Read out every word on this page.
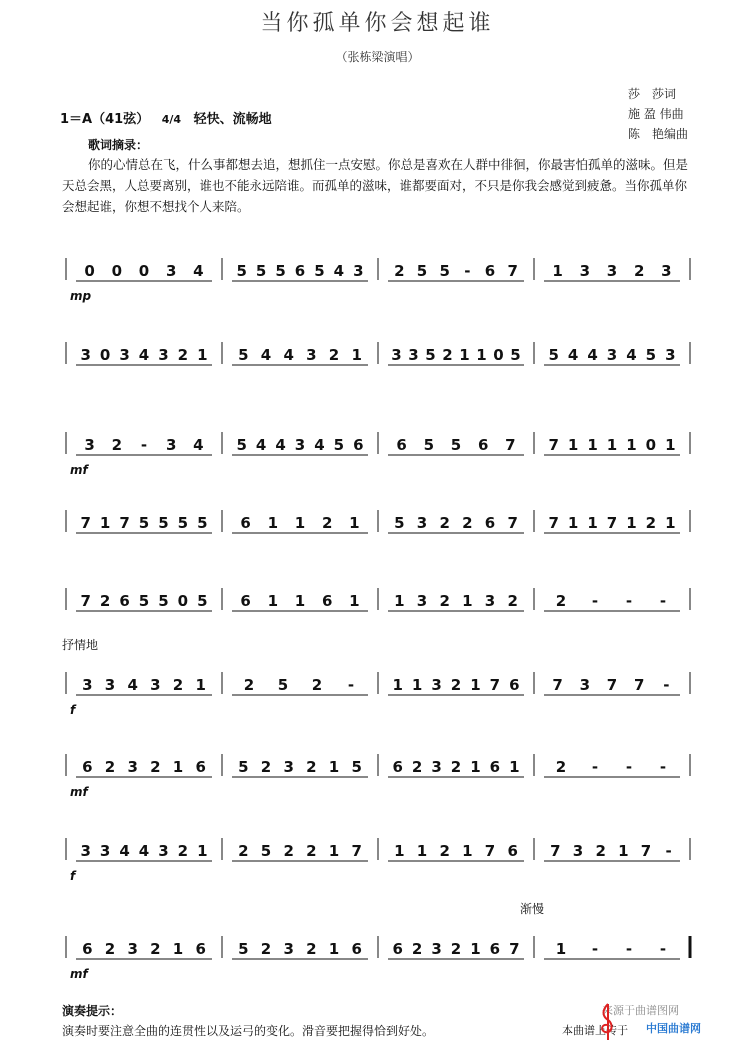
当你孤单你会想起谁
（张栋梁演唱）
莎　莎词
施 盈 伟曲
陈　艳编曲
1＝A（41弦） 4/4 轻快、流畅地
歌词摘录：
你的心情总在飞，什么事都想去追，想抓住一点安慰。你总是喜欢在人群中徘徊，你最害怕孤单的滋味。但是天总会黑，人总要离别，谁也不能永远陪谁。而孤单的滋味，谁都要面对，不只是你我会感觉到疲惫。当你孤单你会想起谁，你想不想找个人来陪。
抒情地
渐慢
0 0 0 3 4 5 5 5 6 5 4 3 2 5 5 - 6 7 1 3 3 2 3
mp
3 0 3 4 3 2 1 5 4 4 3 2 1 3 3 5 2 1 1 0 5 5 4 4 3 4 5 3
3 2 - 3 4 5 4 4 3 4 5 6 6 5 5 6 7 7 1 1 1 1 0 1
mf
7 1 7 5 5 5 5 6 1 1 2 1 5 3 2 2 6 7 7 1 1 7 1 2 1
7 2 6 5 5 0 5 6 1 1 6 1 1 3 2 1 3 2	2 - - -
3 3 4 3 2 1	2 5 2 -	1 1 3 2 1 7 6 7 3 7 7 -
f
6 2 3 2 1 6 5 2 3 2 1 5 6 2 3 2 1 6 1 2 - - -
mf
3 3 4 4 3 2 1 2 5 2 2 1 7 1 1 2 1 7 6 7 3 2 1 7 -
f
6 2 3 2 1 6 5 2 3 2 1 6 6 2 3 2 1 6 7 1 - - -
mf
演奏提示：
演奏时要注意全曲的连贯性以及运弓的变化。滑音要把握得恰到好处。	本曲谱上传于
来源于曲谱图网
中国曲谱网
